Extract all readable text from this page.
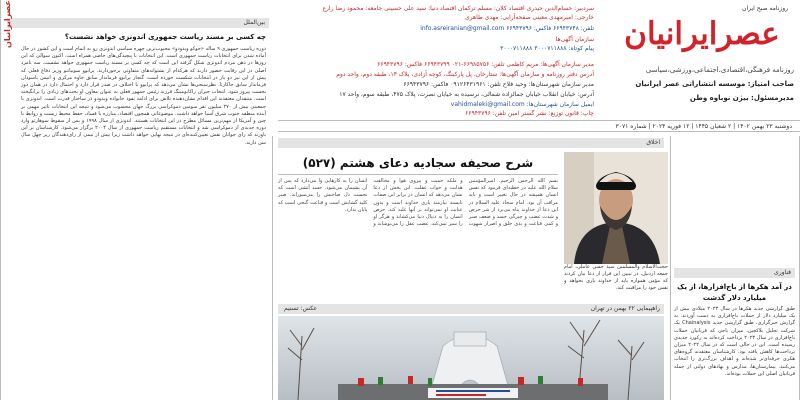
روزنامه صبح ایران
عصرایرانیان
روزنامه فرهنگی،اقتصادی،اجتماعی،ورزشی،سیاسی
صاحب امتیاز: موسسه انتشاراتی عصر ایرانیان
مدیرمسئول: بیژن نوباوه وطن
سردبیر: حسام‌الدین حیدری اقتصاد کلان: مسلم ترکمان اقتصاد دنیا: سید علی حسینی جامعه: محمود رضا زارع
خارجی: امیرمهدی معینی صفحه‌آرایی: مهدی طاهری
تلفن: ۶۶۹۴۳۷۴۸ فاکس: ۶۶۹۴۳۷۹۶ info.asreiranian@gmail.com
سازمان آگهی‌ها
پیام کوتاه: ۳۰۰۰۷۱۱۸۸۸ ۳۰۰۰۷۱۱۸۸۸
مدیر سازمان آگهی‌ها: مریم کاظمی تلفن: ۶۶۹۸۵۷۵۶-۰۲۱ ۶۶۹۴۳۷۹۹ فاکس: ۶۶۹۴۳۷۹۶
آدرس دفتر روزنامه و سازمان آگهی‌ها: ستارخان، پل پارکینگ، کوچه آزادی، پلاک ۱۴، طبقه دوم، واحد دوم
مدیر سازمان شهرستان‌ها: وحید فلاح تلفن: ۰۹۱۲۶۴۳۱۹۶۱ فاکس: ۶۶۹۴۳۷۹۶
آدرس: خیابان انقلاب خیابان جمالزاده شمالی، نرسیده به خیابان نصرت، پلاک ۴۷۵، طبقه سوم، واحد ۱۷
ایمیل سازمان شهرستان‌ها: vahidmaleki@gmail.com
چاپ: قانون توزیع: نشر گستر امین تلفن: ۶۶۹۴۳۷۹۶
دوشنبه ۲۳ بهمن ۱۴۰۲ | ۲ شعبان ۱۴۴۵ | ۱۲ فوریه ۲۰۲۴ | شماره ۳۰۷۱
بین‌الملل
عصرایرانیان	چه کسی بر مسند ریاست جمهوری اندونزی خواهد نشست؟
دوره ریاست جمهوری ۹ ساله «جوکو ویدودو» محبوب‌ترین چهره سیاسی اندونزی رو به اتمام است و این کشور در حال آماده شدن برای انتخابات ریاست جمهوری است. این انتخابات با پیچیدگی‌های خاصی همراه است. اکنون سوالی که این روزها در ذهن مردم اندونزی شکل گرفته این است که چه کسی بر مسند ریاست جمهوری خواهد نشست. سه نامزد اصلی در این رقابت حضور دارند که هرکدام از پشتوانه‌های متفاوتی برخوردارند. پرابوو سوبیانتو وزیر دفاع فعلی که پیش از این نیز دو بار در انتخابات شکست خورده است، گنجار پرانوو فرماندار سابق جاوه مرکزی و انیس باسودان فرماندار سابق جاکارتا. نظرسنجی‌ها نشان می‌دهد که پرابوو با اختلاف در صدر قرار دارد و احتمال دارد در همان دور نخست پیروز شود. انتخاب جبران راکابومینگ فرزند رئیس جمهور فعلی به عنوان معاون او بحث‌های زیادی را برانگیخته است. منتقدان معتقدند این اقدام نشان‌دهنده تلاش برای ادامه نفوذ خانواده ویدودو در ساختار قدرت است. اندونزی با جمعیتی بیش از ۲۷۰ میلیون نفر سومین دموکراسی بزرگ جهان محسوب می‌شود و نتیجه این انتخابات تاثیر مهمی بر آینده منطقه جنوب شرق آسیا خواهد داشت. موضوعاتی همچون اقتصاد، مبارزه با فساد، حفظ محیط زیست و روابط با چین و آمریکا از مهم‌ترین مسائل مطرح در این انتخابات هستند. اندونزی از سال ۱۹۹۸ و پس از سقوط سوهارتو وارد دوره جدیدی از دموکراسی شد و انتخابات مستقیم ریاست جمهوری از سال ۲۰۰۴ برگزار می‌شود. کارشناسان بر این باورند که رای جوانان نقش تعیین‌کننده‌ای در نتیجه نهایی خواهد داشت زیرا بیش از نیمی از رای‌دهندگان زیر چهل سال سن دارند.	اخلاق
شرح صحیفه سجادیه دعای هشتم (۵۲۷)
بسم الله الرحمن الرحیم. امیرالمؤمنین سلام الله علیه در خطبه‌ای فرمود که نفس انسان همیشه در حال تغییر است و باید مراقب آن بود. امام سجاد علیه السلام در این دعا از خداوند پناه می‌برد از شر حرص و شدت غضب و چیرگی حسد و ضعف صبر و کمی قناعت و بدی خلق و اصرار شهوت و ملکه حمیت و پیروی هوا و مخالفت هدایت و خواب غفلت. این بخش از دعا نشان می‌دهد که انسان در برابر این صفات ناپسند نیازمند یاری خداوند است و بدون عنایت او نمی‌تواند بر آنها غلبه کند. حرص انسان را به دنبال دنیا می‌کشاند و هرگز او را سیر نمی‌کند. غضب عقل را می‌پوشاند و انسان را به کارهایی وا می‌دارد که پس از آن پشیمان می‌شود. حسد آتشی است که نخست دل صاحبش را می‌سوزاند. صبر کلید گشایش است و قناعت گنجی است که پایان ندارد.
حجت‌الاسلام والمسلمین سید حسن عاملی، امام جمعه اردبیل، در تبیین این فراز از دعا بیان کردند که مؤمن همواره باید از خداوند یاری بخواهد و نفس خود را مراقبت کند.
راهپیمایی ۲۲ بهمن در تهران
عکس: تسنیم
فناوری
در آمد هکرها از باج‌افزارها، از یک میلیارد دلار گذشت
طبق گزارشی جدید هکرها در سال ۲۰۲۳ میلادی بیش از یک میلیارد دلار از حملات باج‌افزاری به دست آوردند. به گزارش خبرگزاری، طبق گزارشی جدید Chainalysis یک شرکت تحلیل بلاکچین، میزان باجی که قربانیان حملات باج‌افزاری در سال ۲۰۲۳ پرداخت کرده‌اند به رکورد جدیدی رسیده است. این در حالی است که در سال ۲۰۲۲ میزان پرداخت‌ها کاهش یافته بود. کارشناسان معتقدند گروه‌های هکری حرفه‌ای‌تر شده‌اند و اهداف بزرگ‌تری را انتخاب می‌کنند. بیمارستان‌ها، مدارس و نهادهای دولتی از جمله قربانیان اصلی این حملات بوده‌اند.
